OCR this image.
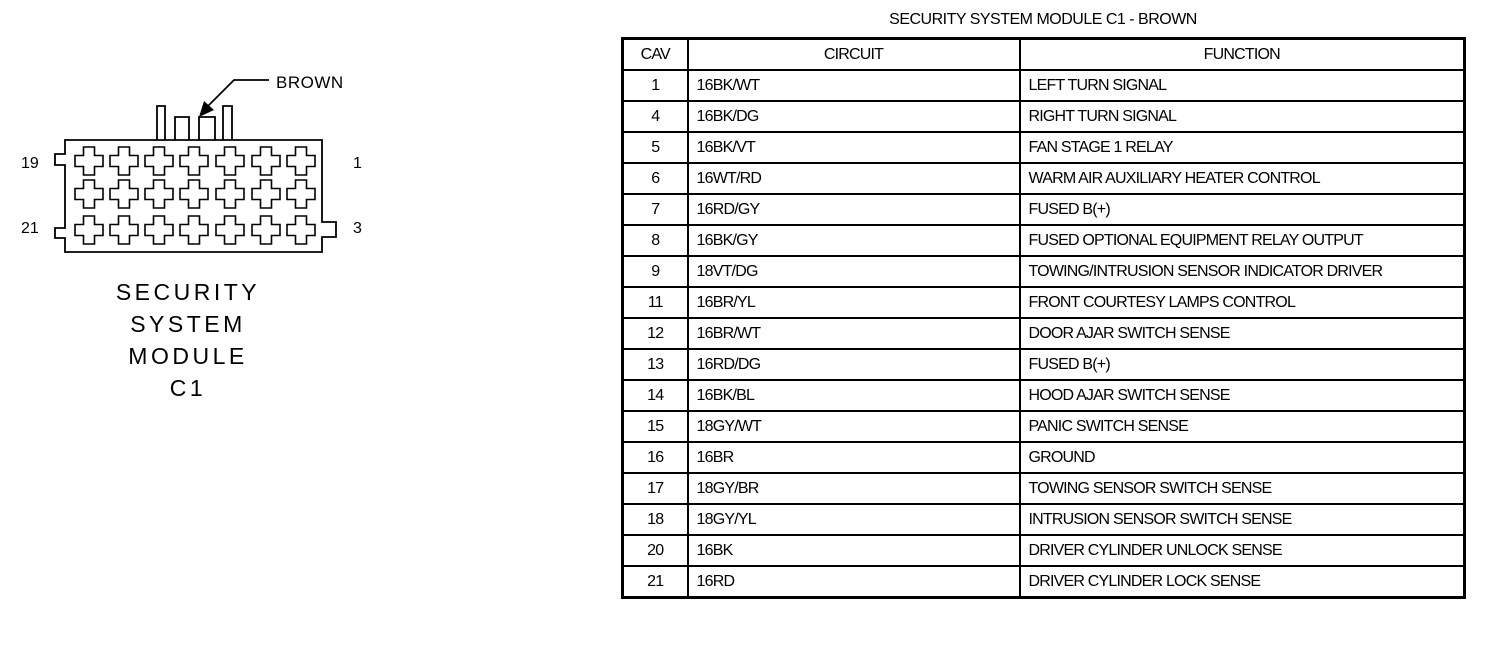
BROWN
19	1
21	3
SECURITY
SYSTEM
MODULE
C1
SECURITY SYSTEM MODULE C1 - BROWN
CAV	CIRCUIT	FUNCTION
1	16BK/WT	LEFT TURN SIGNAL
4	16BK/DG	RIGHT TURN SIGNAL
5	16BK/VT	FAN STAGE 1 RELAY
6	16WT/RD	WARM AIR AUXILIARY HEATER CONTROL
7	16RD/GY	FUSED B(+)
8	16BK/GY	FUSED OPTIONAL EQUIPMENT RELAY OUTPUT
9	18VT/DG	TOWING/INTRUSION SENSOR INDICATOR DRIVER
11	16BR/YL	FRONT COURTESY LAMPS CONTROL
12	16BR/WT	DOOR AJAR SWITCH SENSE
13	16RD/DG	FUSED B(+)
14	16BK/BL	HOOD AJAR SWITCH SENSE
15	18GY/WT	PANIC SWITCH SENSE
16	16BR	GROUND
17	18GY/BR	TOWING SENSOR SWITCH SENSE
18	18GY/YL	INTRUSION SENSOR SWITCH SENSE
20	16BK	DRIVER CYLINDER UNLOCK SENSE
21	16RD	DRIVER CYLINDER LOCK SENSE
